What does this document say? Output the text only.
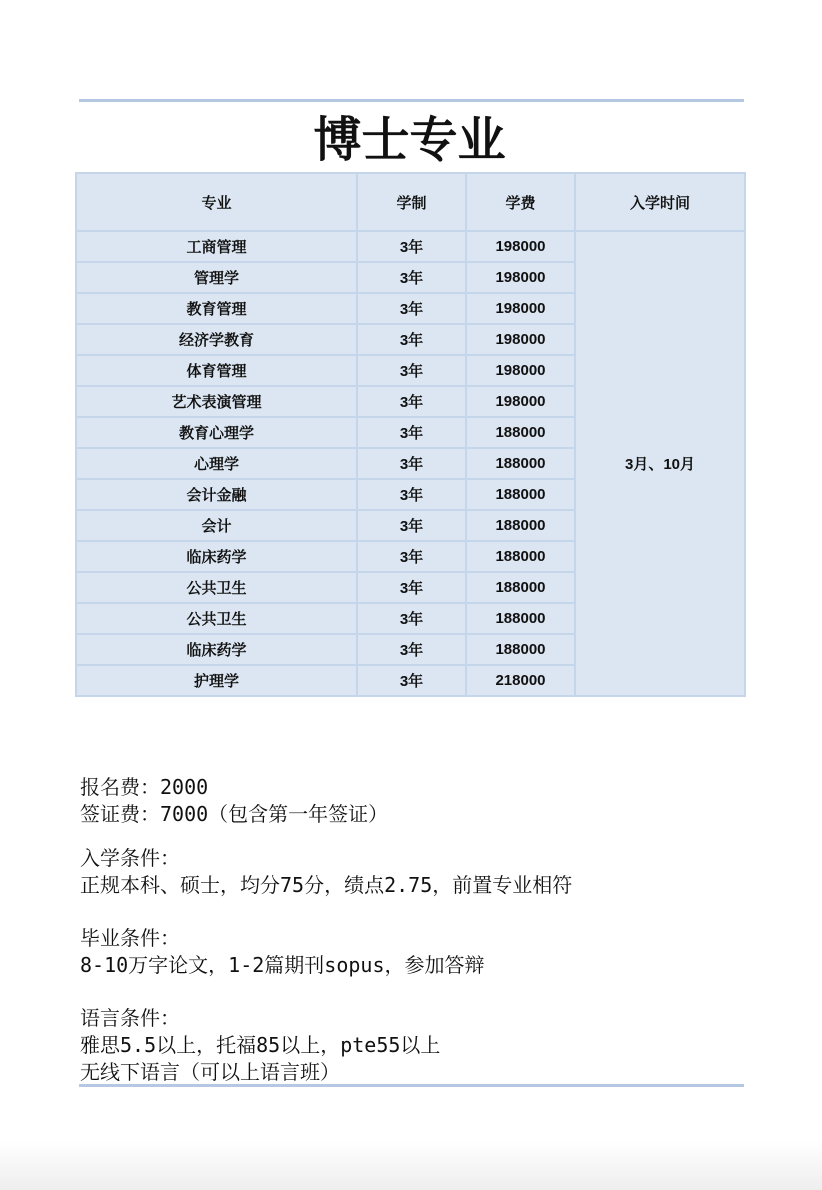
博士专业
专业	学制	学费	入学时间
工商管理	3年	198000	3月、10月
管理学	3年	198000	
教育管理	3年	198000	
经济学教育	3年	198000	
体育管理	3年	198000	
艺术表演管理	3年	198000	
教育心理学	3年	188000	
心理学	3年	188000	
会计金融	3年	188000	
会计	3年	188000	
临床药学	3年	188000	
公共卫生	3年	188000	
公共卫生	3年	188000	
临床药学	3年	188000	
护理学	3年	218000	
报名费：2000
签证费：7000（包含第一年签证）
入学条件：
正规本科、硕士，均分75分，绩点2.75，前置专业相符
毕业条件：
8-10万字论文，1-2篇期刊sopus，参加答辩
语言条件：
雅思5.5以上，托福85以上，pte55以上
无线下语言（可以上语言班）
